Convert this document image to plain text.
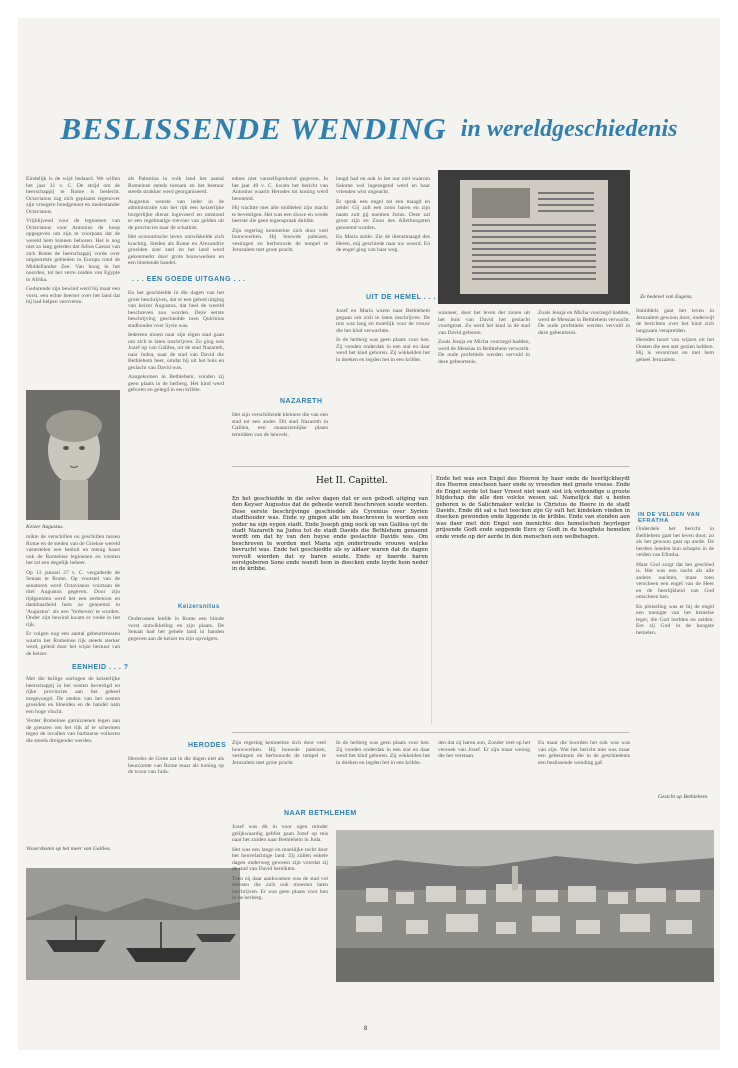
BESLISSENDE WENDING in wereldgeschiedenis

Eindelijk is de wijd bedaard. We willen het jaar 31 v. C. De strijd om de heerschappij te Rome is beslecht. Octavianus zag zich geplaatst tegenover zijn vroegere bondgenoot en medestander Octavianus.

Vrijblijvend voor de legioenen van Octavianus voor Antonius de hoop opgegeven om zijn te voorpaan dat de wereld hem kunnen behoren. Het is nog niet zo lang geleden dat Julius Caesar van zich Rome de heerschappij vorde over uitgestrekte gebieden in Europa rond de Middellandse Zee. Van hoog in het noorden, tot het verre zuiden van Egypte in Afrika.

Gedurende zijn bewind werd hij maar een vorst, een echte heerser over het land dat hij had helpen veroveren.

Keizer Augustus.

mikte de verschillen en geschillen tussen Rome en de steden van de Griekse wereld vastestelen een besluit en menig haast ook de Romeinse legioenen en vorsten het tot een degelijk beheer.

Op 13 januari 27 v. C. vergaderde de Senaat te Rome. Op voorstel van de senatoren werd Octavianus voortaan de titel Augustus gegeven. Door zijn tijdgenoten werd het een eerbetoon en dankbaarheid hem zo genoemd in 'Augustus': als een 'Verheven' te worden. Onder zijn bewind kwam er vrede in het rijk.

Er volgen nog een aantal gebeurtenissen waarin het Romeinse rijk steeds sterker werd, geleid door het wijze bestuur van de keizer.

EENHEID . . . ?

Met die heilige oorlogen de keizerlijke heerschappij in het oosten bevestigd en rijke provincies aan het geheel toegevoegd. De steden van het oosten groeiden en bloeiden en de handel nam een hoge vlucht.

Verder Romeinse garnizoenen legen aan de grenzen om het rijk af te schermen tegen de invallen van barbaarse volkeren die steeds dreigender werden.

Vissersboten op het meer van Galilea.

als Palestina in volk land het aantal Romeinse steeds toenam en het bestuur steeds strakker werd georganiseerd.

Augustus wenste van ieder in de administratie van het rijk een keizerlijke burgerlijke dienst ingevoerd en ontstond er een regelmatige toevoer van gelden uit de provincies naar de schatkist.

Het economische leven ontwikkelde zich krachtig. Steden als Rome en Alexandrie groeiden zeer snel en het land werd gekenmerkt door grote bouwwerken en een bloeiende handel.

. . . EEN GOEDE UITGANG . . .

En het geschiedde in die dagen van het grote beschrijven, dat er een gebod uitging van keizer Augustus, dat heel de wereld beschreven zou worden. Deze eerste beschrijving geschiedde toen Quirinius stadhouder over Syrie was.

Iedereen moest naar zijn eigen stad gaan om zich te laten inschrijven. Zo ging ook Jozef op van Galilea, uit de stad Nazareth, naar Judea, naar de stad van David die Bethlehem heet, omdat hij uit het huis en geslacht van David was.

Aangekomen in Bethlehem, vonden zij geen plaats in de herberg. Het kind werd geboren en gelegd in een kribbe.

Keizersnitus

Onderossen leefde in Rome een blinde vorst ontwikkeling en zijn plaats. De Senaat had het gehele land in handen gegeven aan de keizer en zijn opvolgers.

HERODES

Herodes de Grote zat in die dagen niet als beurcomte van Rome maar als koning op de troon van Juda.

ednes niet vanzelfsprekend gegeven. In het jaar 40 v. C. kwam het bericht van Antonius waarin Herodes tot koning werd benoemd.

Hij trachtte met alle middelen zijn macht te bevestigen. Het was een sluwe en wrede heerser die geen tegenspraak duldde.

Zijn regering kenmerkte zich door veel bouwwerken. Hij bouwde paleizen, vestingen en herbouwde de tempel te Jeruzalem met grote pracht.

NAZARETH

Het zijn verschillende kleinere die van een stad tot een ander. Dit stad Nazareth in Galilea, een onaanzienlijke plaats temidden van de heuvels.

langd had en ook in het uur niet waarom Salome wel ingezegend werd en haar vrienden wist ongeacht.

Er sprak een engel tot een maagd en zeide: Gij zult een zoon baren en zijn naam zult gij noemen Jezus. Deze zal groot zijn en Zoon des Allerhoogsten genoemd worden.

En Maria zeide: Zie de dienstmaagd des Heren, mij geschiede naar uw woord. En de engel ging van haar weg.

UIT DE HEMEL . . .

Jozef en Maria waren naar Bethlehem gegaan om zich te laten inschrijven. De reis was lang en moeilijk voor de vrouw die het kind verwachtte.

In de herberg was geen plaats voor hen. Zij vonden onderdak in een stal en daar werd het kind geboren. Zij wikkelden het in doeken en legden het in een kribbe.

Ze bedevel van Eugens.

wanneer, door het leven der zonen uit het huis van David het geslacht voortgezet. Zo werd het kind in de stad van David geboren.

Zoals Jesaja en Micha voorzegd hadden, werd de Messias in Bethlehem verwacht. De oude profetieën werden vervuld in deze gebeurtenis.

Zoals Jesaja en Micha voorzegd hadden, werd de Messias in Bethlehem verwacht. De oude profetieën werden vervuld in deze gebeurtenis.

Inmiddels gaat het leven in Jeruzalem gewoon door, onderwijl de berichten over het kind zich langzaam verspreiden.

Herodes hoort van wijzen uit het Oosten die een ster gezien hebben. Hij is verontrust en met hem geheel Jeruzalem.

IN DE VELDEN VAN EFRATHA

Onderdele het bericht in Bethlehem gaat het leven door, zo als het gewoon gaat op aarde. De herders hoeden hun schapen in de velden van Efratha.

Maar God zorgt dat het geschied is. Het was een nacht als alle andere nachten, maar toen verscheen een engel van de Heer en de heerlijkheid van God omscheen hen.

En plotseling was er bij de engel een menigte van het hemelse leger, die God loofden en zeiden: Ere zij God in de hoogste hemelen.

Gezicht op Bethlehem.
Het II. Capittel.
En het geschiedde in die selve dagen dat er een gebodt uitging van den Keyser Augustus dat de geheele werelt beschreven soude worden. Dese eerste beschrijvinge geschiedde als Cyrenius over Syrien stadthouder was. Ende sy gingen alle om beschreven te worden een yeder na sijn eygen stadt. Ende Joseph ging oock op van Galilea uyt de stadt Nazareth na Judea tot de stadt Davids die Bethlehem genaemt wordt om dat hy van den huyse ende geslachte Davids was. Om beschreven te worden met Maria sijn ondertroude vrouwe welcke bevrucht was. Ende het geschiedde als sy aldaer waren dat de dagen vervult wierden dat sy baren soude. Ende sy baerde haren eerstgeboren Sone ende wandt hem in doecken ende leyde hem neder in de kribbe.
Ende het was een Engel des Heeren by haer ende de heerlijckheydt des Heeren omscheen haer ende sy vreesden met groote vreese. Ende de Engel seyde tot haer Vreest niet want siet ick verkondige u groote blijdschap die alle den volcke wesen sal. Namelijck dat u heden geboren is de Salichmaker welcke is Christus de Heere in de stadt Davids. Ende dit sal u het teecken zijn Gy sult het kindeken vinden in doecken gewonden ende liggende in de kribbe. Ende van stonden aen was daer met den Engel een menichte des hemelschen heyrleger prijsende Godt ende seggende Eere zy Godt in de hooghste hemelen ende vrede op der aerde in den menschen een welbehagen.

Zijn regering kenmerkte zich door veel bouwwerken. Hij bouwde paleizen, vestingen en herbouwde de tempel te Jeruzalem met grote pracht.

NAAR BETHLEHEM

In de herberg was geen plaats voor hen. Zij vonden onderdak in een stal en daar werd het kind geboren. Zij wikkelden het in doeken en legden het in een kribbe.

den dat zij haren zon, Zonder veel op het verzoek van Jozef. Er zijn maar weinig die het verstaan.

En maar die hoorden het ook was was van zijn. Wat het bericht niet was maar een gebeurtenis die in de geschiedenis een beslissende wending gaf.

Jozef was dit in voor ogen minder gelijkwaardig geblist gaan Jozef op reis naar het zuiden naar Bethlehem in Juda.

Het was een lange en moeilijke tocht door het heuvelachtige land. Zij zullen enkele dagen onderweg geweest zijn voordat zij de stad van David bereikten.

Toen zij daar aankwamen was de stad vol mensen die zich ook moesten laten inschrijven. Er was geen plaats voor hen in de herberg.

8
